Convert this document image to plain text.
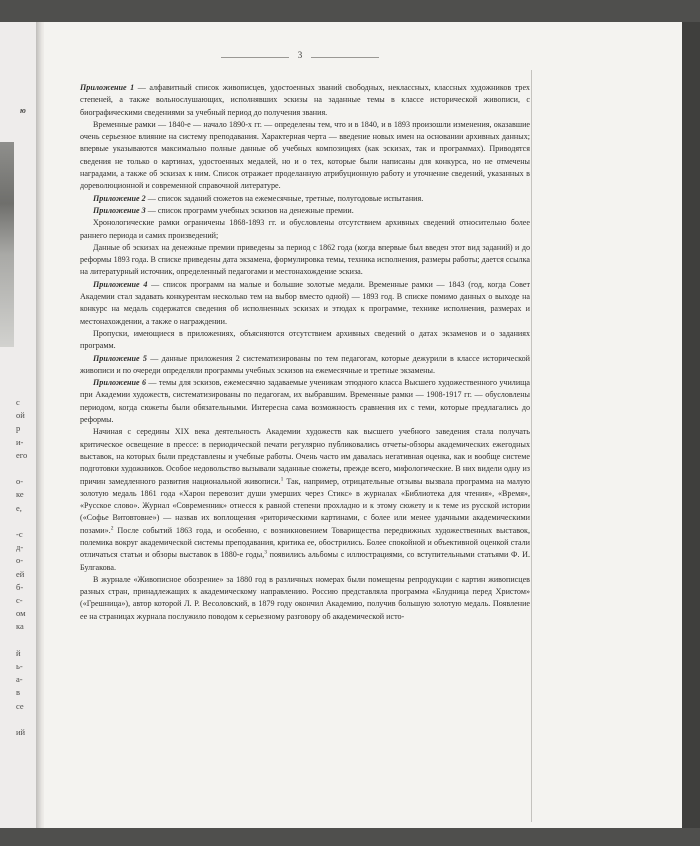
ю
с
ой
р
и-
его
о-
ке
е,
-с
д-
о-
ей
б-
с-
ом
ка
й
ь-
а-
в
се
ий
3

Приложение 1 — алфавитный список живописцев, удостоенных званий свободных, неклассных, классных художников трех степеней, а также вольнослушающих, исполнявших эскизы на заданные темы в классе исторической живописи, с биографическими сведениями за учебный период до получения звания.

Временные рамки — 1840-е — начало 1890-х гг. — определены тем, что и в 1840, и в 1893 произошли изменения, оказавшие очень серьезное влияние на систему преподавания. Характерная черта — введение новых имен на основании архивных данных; впервые указываются максимально полные данные об учебных композициях (как эскизах, так и программах). Приводятся сведения не только о картинах, удостоенных медалей, но и о тех, которые были написаны для конкурса, но не отмечены наградами, а также об эскизах к ним. Список отражает проделанную атрибуционную работу и уточнение сведений, указанных в дореволюционной и современной справочной литературе.

Приложение 2 — список заданий сюжетов на ежемесячные, третные, полугодовые испытания.

Приложение 3 — список программ учебных эскизов на денежные премии.

Хронологические рамки ограничены 1868-1893 гг. и обусловлены отсутствием архивных сведений относительно более раннего периода и самих произведений;

Данные об эскизах на денежные премии приведены за период с 1862 года (когда впервые был введен этот вид заданий) и до реформы 1893 года. В списке приведены дата экзамена, формулировка темы, техника исполнения, размеры работы; дается ссылка на литературный источник, определенный педагогами и местонахождение эскиза.

Приложение 4 — список программ на малые и большие золотые медали. Временные рамки — 1843 (год, когда Совет Академии стал задавать конкурентам несколько тем на выбор вместо одной) — 1893 год. В списке помимо данных о выходе на конкурс на медаль содержатся сведения об исполненных эскизах и этюдах к программе, технике исполнения, размерах и местонахождении, а также о награждении.

Пропуски, имеющиеся в приложениях, объясняются отсутствием архивных сведений о датах экзаменов и о заданиях программ.

Приложение 5 — данные приложения 2 систематизированы по тем педагогам, которые дежурили в классе исторической живописи и по очереди определяли программы учебных эскизов на ежемесячные и третные экзамены.

Приложение 6 — темы для эскизов, ежемесячно задаваемые ученикам этюдного класса Высшего художественного училища при Академии художеств, систематизированы по педагогам, их выбравшим. Временные рамки — 1908-1917 гг. — обусловлены периодом, когда сюжеты были обязательными. Интересна сама возможность сравнения их с теми, которые предлагались до реформы.

Начиная с середины XIX века деятельность Академии художеств как высшего учебного заведения стала получать критическое освещение в прессе: в периодической печати регулярно публиковались отчеты-обзоры академических ежегодных выставок, на которых были представлены и учебные работы. Очень часто им давалась негативная оценка, как и вообще системе подготовки художников. Особое недовольство вызывали заданные сюжеты, прежде всего, мифологические. В них видели одну из причин замедленного развития национальной живописи.$^1$ Так, например, отрицательные отзывы вызвала программа на малую золотую медаль 1861 года «Харон перевозит души умерших через Стикс» в журналах «Библиотека для чтения», «Время», «Русское слово». Журнал «Современник» отнесся к равной степени прохладно и к этому сюжету и к теме из русской истории («Софье Витовтовне») — назвав их воплощения «риторическими картинами, с более или менее удачными академическими позами».$^2$ После событий 1863 года, и особенно, с возникновением Товарищества передвижных художественных выставок, полемика вокруг академической системы преподавания, критика ее, обострились. Более спокойной и объективной оценкой стали отличаться статьи и обзоры выставок в 1880-е годы,$^3$ появились альбомы с иллюстрациями, со вступительными статьями Ф. И. Булгакова.

В журнале «Живописное обозрение» за 1880 год в различных номерах были помещены репродукции с картин живописцев разных стран, принадлежащих к академическому направлению. Россию представляла программа «Блудница перед Христом» («Грешница»), автор которой Л. Р. Весоловский, в 1879 году окончил Академию, получив большую золотую медаль. Появление ее на страницах журнала послужило поводом к серьезному разговору об академической исто-
